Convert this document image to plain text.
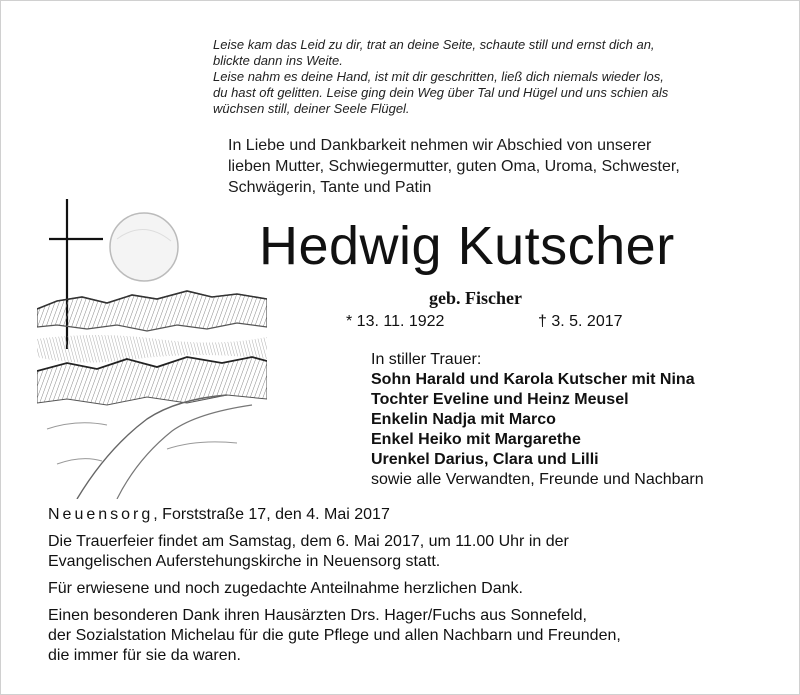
Leise kam das Leid zu dir, trat an deine Seite, schaute still und ernst dich an,
blickte dann ins Weite.
Leise nahm es deine Hand, ist mit dir geschritten, ließ dich niemals wieder los,
du hast oft gelitten. Leise ging dein Weg über Tal und Hügel und uns schien als
wüchsen still, deiner Seele Flügel.
In Liebe und Dankbarkeit nehmen wir Abschied von unserer
lieben Mutter, Schwiegermutter, guten Oma, Uroma, Schwester,
Schwägerin, Tante und Patin
Hedwig Kutscher
geb. Fischer
* 13. 11. 1922	† 3. 5. 2017
In stiller Trauer:
Sohn Harald und Karola Kutscher mit Nina
Tochter Eveline und Heinz Meusel
Enkelin Nadja mit Marco
Enkel Heiko mit Margarethe
Urenkel Darius, Clara und Lilli
sowie alle Verwandten, Freunde und Nachbarn
Neuensorg, Forststraße 17, den 4. Mai 2017
Die Trauerfeier findet am Samstag, dem 6. Mai 2017, um 11.00 Uhr in der
Evangelischen Auferstehungskirche in Neuensorg statt.
Für erwiesene und noch zugedachte Anteilnahme herzlichen Dank.
Einen besonderen Dank ihren Hausärzten Drs. Hager/Fuchs aus Sonnefeld,
der Sozialstation Michelau für die gute Pflege und allen Nachbarn und Freunden,
die immer für sie da waren.
